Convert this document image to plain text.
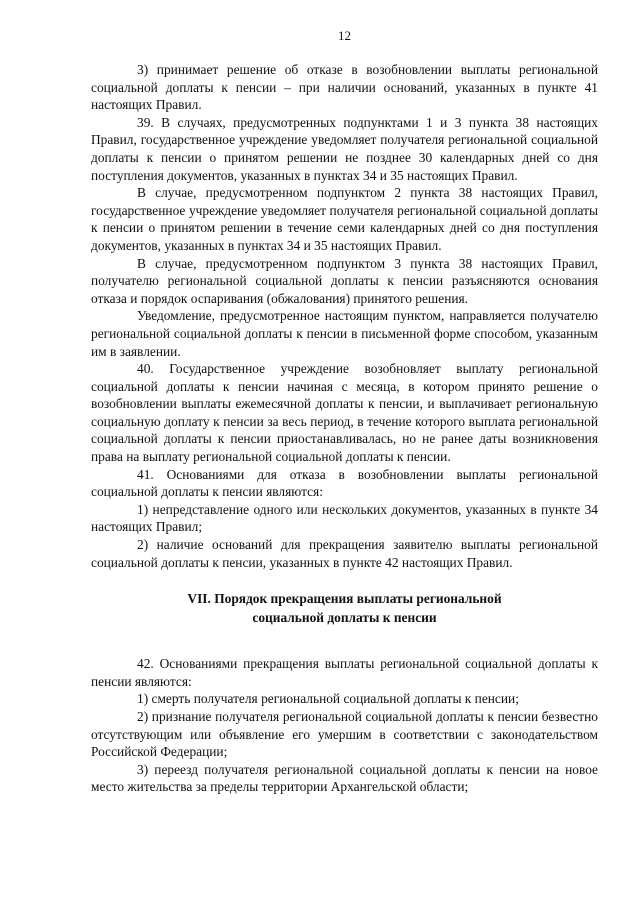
12

3) принимает решение об отказе в возобновлении выплаты региональной социальной доплаты к пенсии – при наличии оснований, указанных в пункте 41 настоящих Правил.

39. В случаях, предусмотренных подпунктами 1 и 3 пункта 38 настоящих Правил, государственное учреждение уведомляет получателя региональной социальной доплаты к пенсии о принятом решении не позднее 30 календарных дней со дня поступления документов, указанных в пунктах 34 и 35 настоящих Правил.

В случае, предусмотренном подпунктом 2 пункта 38 настоящих Правил, государственное учреждение уведомляет получателя региональной социальной доплаты к пенсии о принятом решении в течение семи календарных дней со дня поступления документов, указанных в пунктах 34 и 35 настоящих Правил.

В случае, предусмотренном подпунктом 3 пункта 38 настоящих Правил, получателю региональной социальной доплаты к пенсии разъясняются основания отказа и порядок оспаривания (обжалования) принятого решения.

Уведомление, предусмотренное настоящим пунктом, направляется получателю региональной социальной доплаты к пенсии в письменной форме способом, указанным им в заявлении.

40. Государственное учреждение возобновляет выплату региональной социальной доплаты к пенсии начиная с месяца, в котором принято решение о возобновлении выплаты ежемесячной доплаты к пенсии, и выплачивает региональную социальную доплату к пенсии за весь период, в течение которого выплата региональной социальной доплаты к пенсии приостанавливалась, но не ранее даты возникновения права на выплату региональной социальной доплаты к пенсии.

41. Основаниями для отказа в возобновлении выплаты региональной социальной доплаты к пенсии являются:

1) непредставление одного или нескольких документов, указанных в пункте 34 настоящих Правил;

2) наличие оснований для прекращения заявителю выплаты региональной социальной доплаты к пенсии, указанных в пункте 42 настоящих Правил.

VII. Порядок прекращения выплаты региональной
социальной доплаты к пенсии

42. Основаниями прекращения выплаты региональной социальной доплаты к пенсии являются:

1) смерть получателя региональной социальной доплаты к пенсии;

2) признание получателя региональной социальной доплаты к пенсии безвестно отсутствующим или объявление его умершим в соответствии с законодательством Российской Федерации;

3) переезд получателя региональной социальной доплаты к пенсии на новое место жительства за пределы территории Архангельской области;
